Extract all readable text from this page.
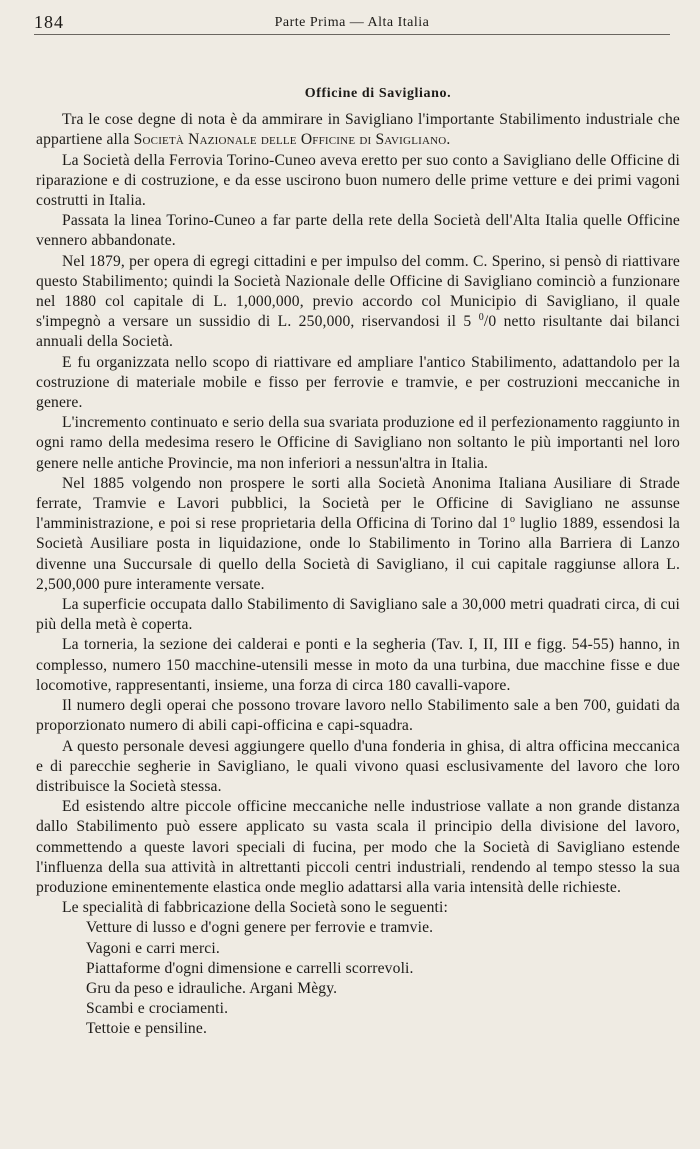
184	Parte Prima — Alta Italia
Officine di Savigliano.

Tra le cose degne di nota è da ammirare in Savigliano l'importante Stabilimento industriale che appartiene alla Società Nazionale delle Officine di Savigliano.

La Società della Ferrovia Torino-Cuneo aveva eretto per suo conto a Savigliano delle Officine di riparazione e di costruzione, e da esse uscirono buon numero delle prime vetture e dei primi vagoni costrutti in Italia.

Passata la linea Torino-Cuneo a far parte della rete della Società dell'Alta Italia quelle Officine vennero abbandonate.

Nel 1879, per opera di egregi cittadini e per impulso del comm. C. Sperino, si pensò di riattivare questo Stabilimento; quindi la Società Nazionale delle Officine di Savigliano cominciò a funzionare nel 1880 col capitale di L. 1,000,000, previo accordo col Municipio di Savigliano, il quale s'impegnò a versare un sussidio di L. 250,000, riservandosi il 5 $^0$/0 netto risultante dai bilanci annuali della Società.

E fu organizzata nello scopo di riattivare ed ampliare l'antico Stabilimento, adattandolo per la costruzione di materiale mobile e fisso per ferrovie e tramvie, e per costruzioni meccaniche in genere.

L'incremento continuato e serio della sua svariata produzione ed il perfezionamento raggiunto in ogni ramo della medesima resero le Officine di Savigliano non soltanto le più importanti nel loro genere nelle antiche Provincie, ma non inferiori a nessun'altra in Italia.

Nel 1885 volgendo non prospere le sorti alla Società Anonima Italiana Ausiliare di Strade ferrate, Tramvie e Lavori pubblici, la Società per le Officine di Savigliano ne assunse l'amministrazione, e poi si rese proprietaria della Officina di Torino dal 1$^o$ luglio 1889, essendosi la Società Ausiliare posta in liquidazione, onde lo Stabilimento in Torino alla Barriera di Lanzo divenne una Succursale di quello della Società di Savigliano, il cui capitale raggiunse allora L. 2,500,000 pure interamente versate.

La superficie occupata dallo Stabilimento di Savigliano sale a 30,000 metri quadrati circa, di cui più della metà è coperta.

La torneria, la sezione dei calderai e ponti e la segheria (Tav. I, II, III e figg. 54-55) hanno, in complesso, numero 150 macchine-utensili messe in moto da una turbina, due macchine fisse e due locomotive, rappresentanti, insieme, una forza di circa 180 cavalli-vapore.

Il numero degli operai che possono trovare lavoro nello Stabilimento sale a ben 700, guidati da proporzionato numero di abili capi-officina e capi-squadra.

A questo personale devesi aggiungere quello d'una fonderia in ghisa, di altra officina meccanica e di parecchie segherie in Savigliano, le quali vivono quasi esclusivamente del lavoro che loro distribuisce la Società stessa.

Ed esistendo altre piccole officine meccaniche nelle industriose vallate a non grande distanza dallo Stabilimento può essere applicato su vasta scala il principio della divisione del lavoro, commettendo a queste lavori speciali di fucina, per modo che la Società di Savigliano estende l'influenza della sua attività in altrettanti piccoli centri industriali, rendendo al tempo stesso la sua produzione eminentemente elastica onde meglio adattarsi alla varia intensità delle richieste.

Le specialità di fabbricazione della Società sono le seguenti:

Vetture di lusso e d'ogni genere per ferrovie e tramvie.
Vagoni e carri merci.
Piattaforme d'ogni dimensione e carrelli scorrevoli.
Gru da peso e idrauliche. Argani Mègy.
Scambi e crociamenti.
Tettoie e pensiline.
